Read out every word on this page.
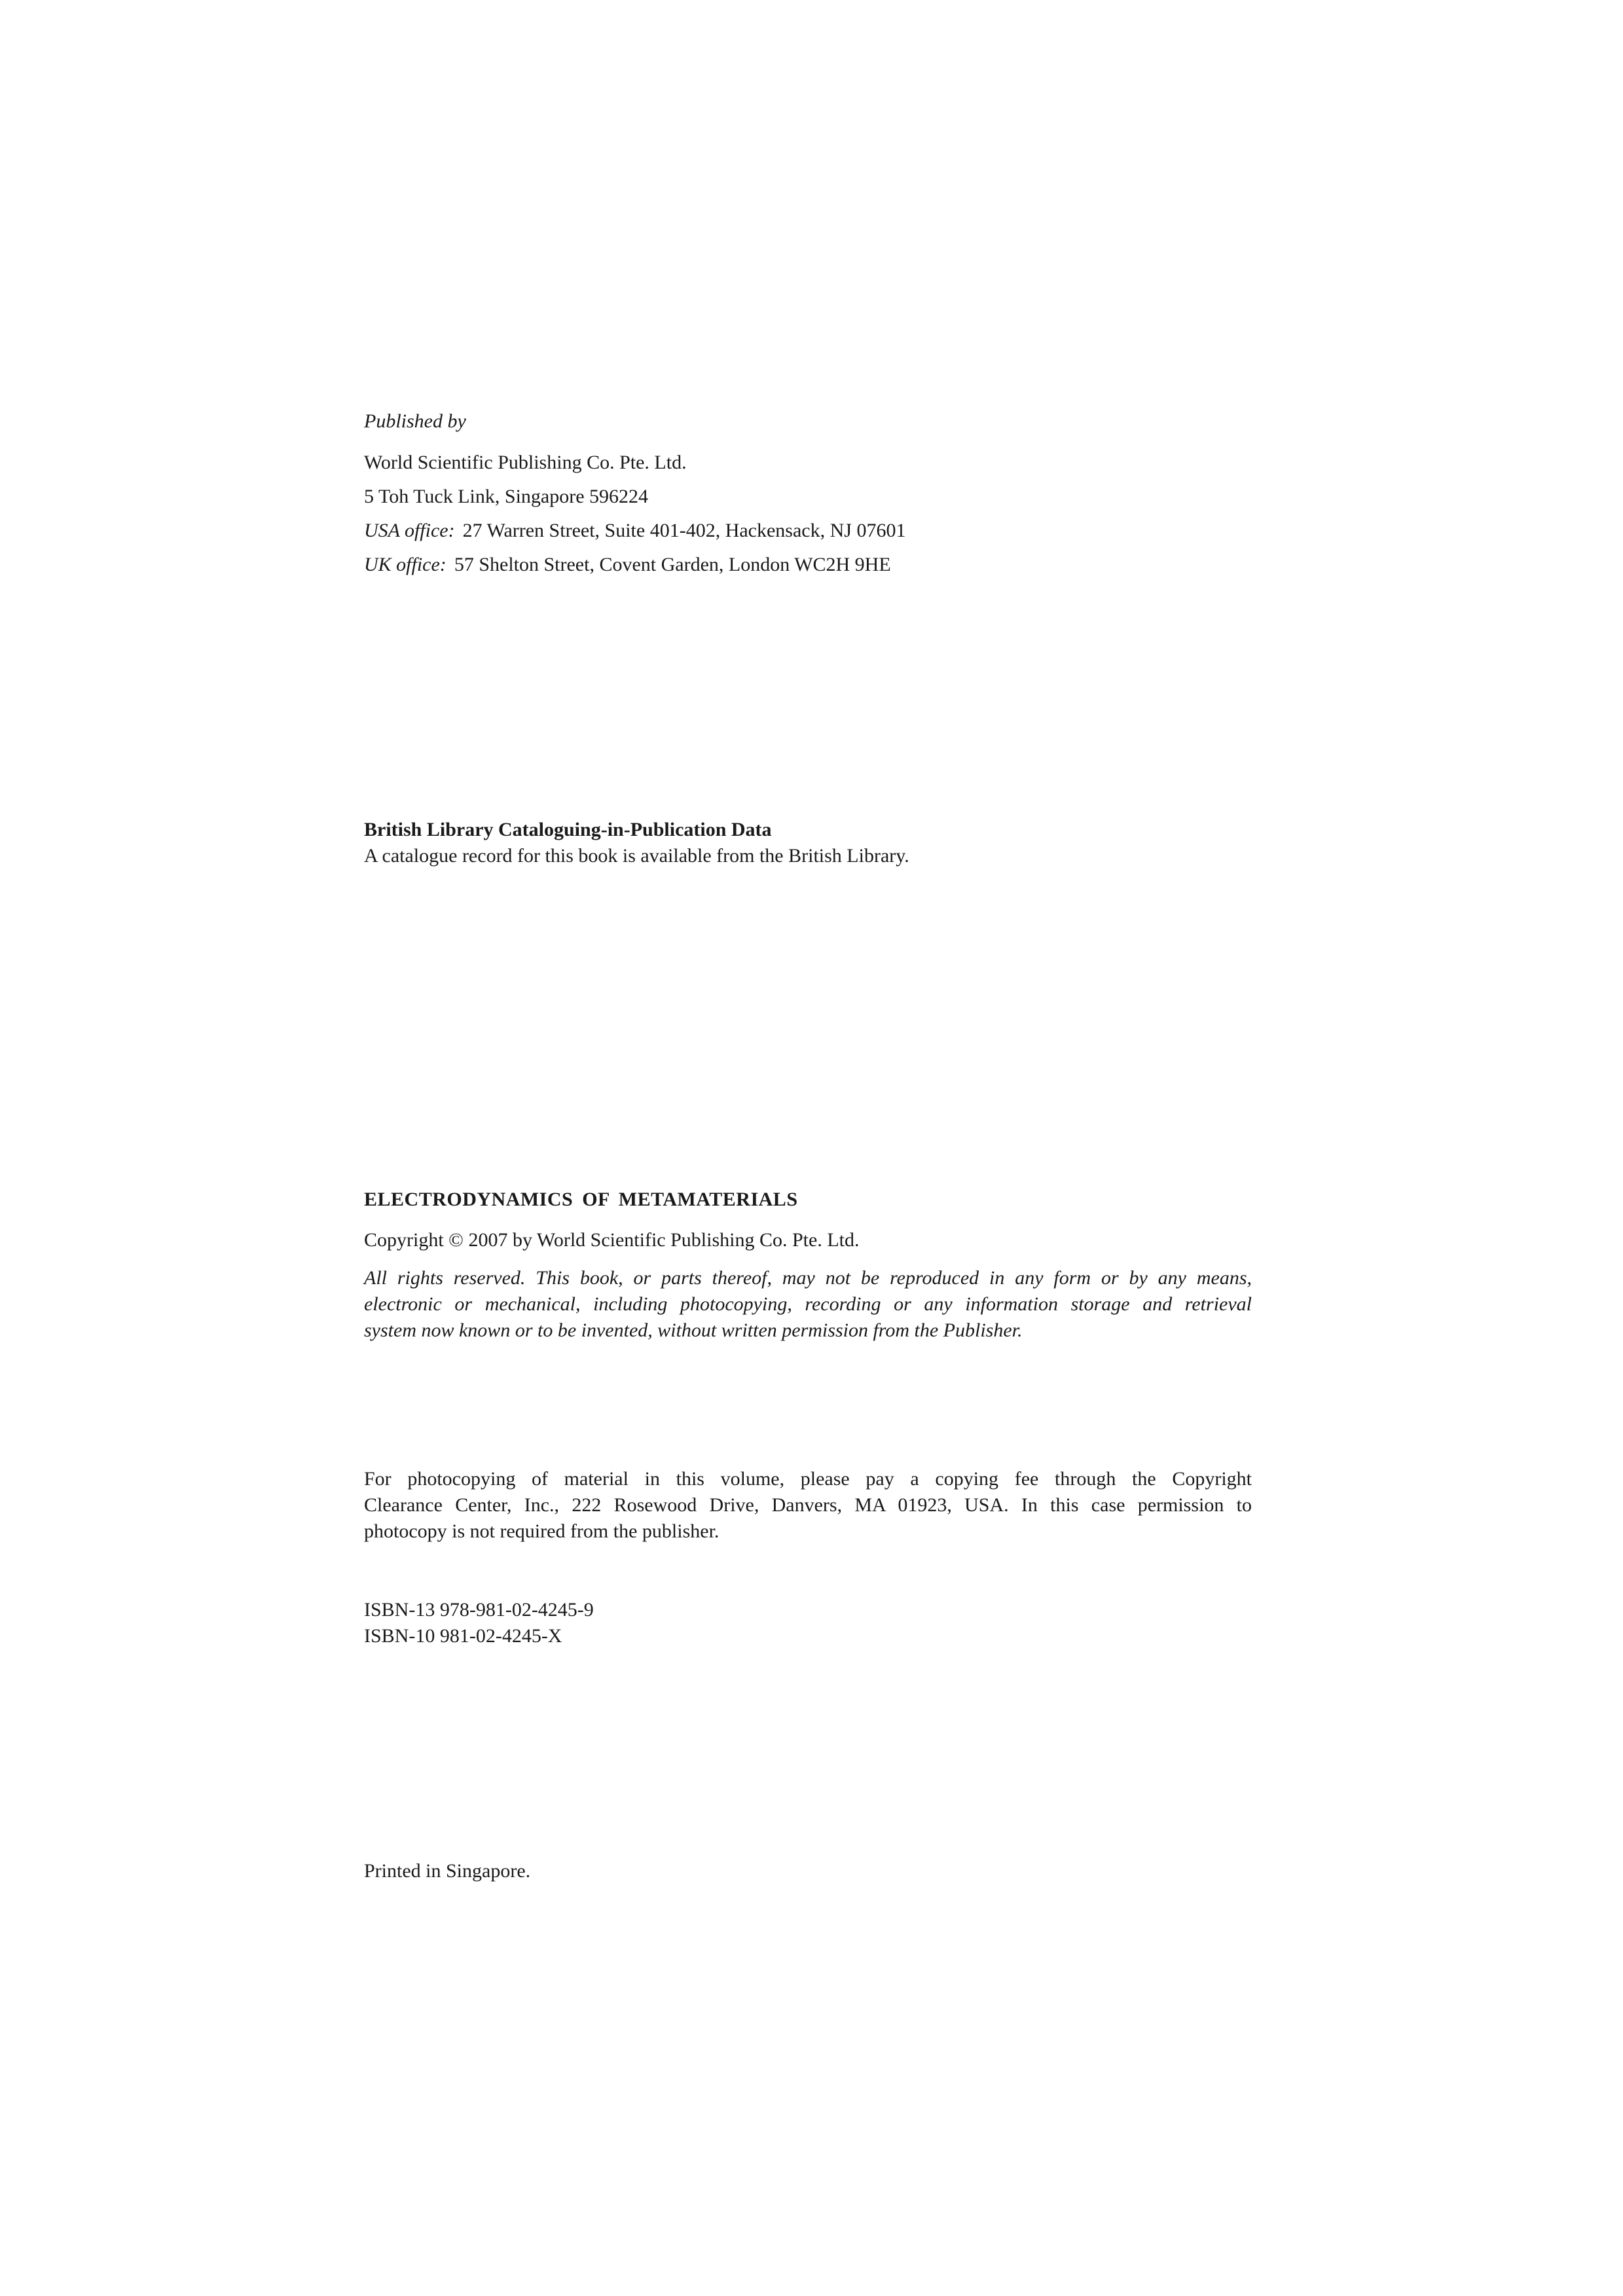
Published by

World Scientific Publishing Co. Pte. Ltd.

5 Toh Tuck Link, Singapore 596224

USA office: 27 Warren Street, Suite 401-402, Hackensack, NJ 07601

UK office: 57 Shelton Street, Covent Garden, London WC2H 9HE

British Library Cataloguing-in-Publication Data

A catalogue record for this book is available from the British Library.

ELECTRODYNAMICS OF METAMATERIALS

Copyright © 2007 by World Scientific Publishing Co. Pte. Ltd.

All rights reserved. This book, or parts thereof, may not be reproduced in any form or by any means,
electronic or mechanical, including photocopying, recording or any information storage and retrieval
system now known or to be invented, without written permission from the Publisher.
For photocopying of material in this volume, please pay a copying fee through the Copyright
Clearance Center, Inc., 222 Rosewood Drive, Danvers, MA 01923, USA. In this case permission to
photocopy is not required from the publisher.

ISBN-13 978-981-02-4245-9

ISBN-10 981-02-4245-X

Printed in Singapore.
